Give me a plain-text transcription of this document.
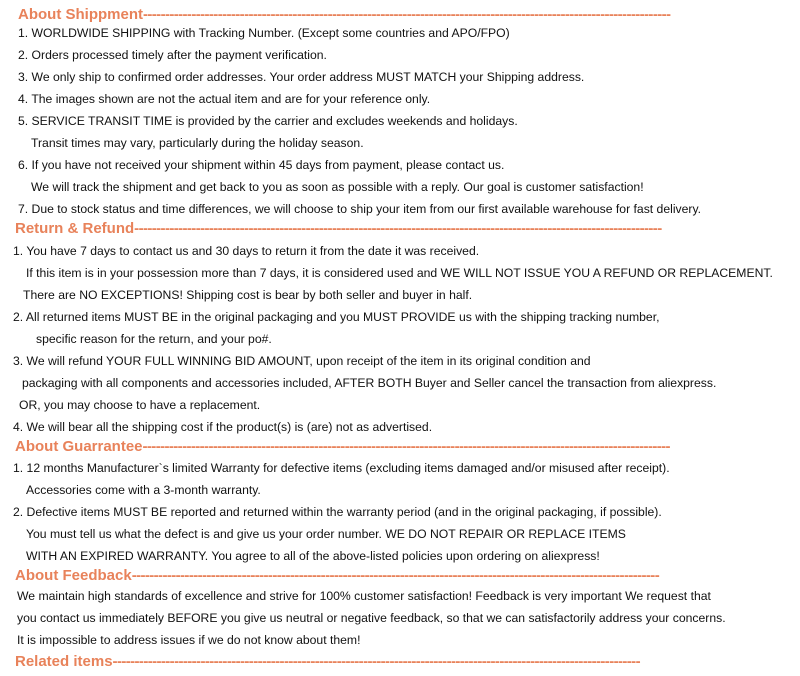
About Shippment------------------------------------------------------------------------------------------------------------------------
1. WORLDWIDE SHIPPING with Tracking Number. (Except some countries and APO/FPO)
2. Orders processed timely after the payment verification.
3. We only ship to confirmed order addresses. Your order address MUST MATCH your Shipping address.
4. The images shown are not the actual item and are for your reference only.
5. SERVICE TRANSIT TIME is provided by the carrier and excludes weekends and holidays.
Transit times may vary, particularly during the holiday season.
6. If you have not received your shipment within 45 days from payment, please contact us.
We will track the shipment and get back to you as soon as possible with a reply. Our goal is customer satisfaction!
7. Due to stock status and time differences, we will choose to ship your item from our first available warehouse for fast delivery.
Return & Refund------------------------------------------------------------------------------------------------------------------------
1. You have 7 days to contact us and 30 days to return it from the date it was received.
If this item is in your possession more than 7 days, it is considered used and WE WILL NOT ISSUE YOU A REFUND OR REPLACEMENT.
There are NO EXCEPTIONS! Shipping cost is bear by both seller and buyer in half.
2. All returned items MUST BE in the original packaging and you MUST PROVIDE us with the shipping tracking number,
specific reason for the return, and your po#.
3. We will refund YOUR FULL WINNING BID AMOUNT, upon receipt of the item in its original condition and
packaging with all components and accessories included, AFTER BOTH Buyer and Seller cancel the transaction from aliexpress.
OR, you may choose to have a replacement.
4. We will bear all the shipping cost if the product(s) is (are) not as advertised.
About Guarrantee------------------------------------------------------------------------------------------------------------------------
1. 12 months Manufacturer`s limited Warranty for defective items (excluding items damaged and/or misused after receipt).
Accessories come with a 3-month warranty.
2. Defective items MUST BE reported and returned within the warranty period (and in the original packaging, if possible).
You must tell us what the defect is and give us your order number. WE DO NOT REPAIR OR REPLACE ITEMS
WITH AN EXPIRED WARRANTY. You agree to all of the above-listed policies upon ordering on aliexpress!
About Feedback------------------------------------------------------------------------------------------------------------------------
We maintain high standards of excellence and strive for 100% customer satisfaction! Feedback is very important We request that
you contact us immediately BEFORE you give us neutral or negative feedback, so that we can satisfactorily address your concerns.
It is impossible to address issues if we do not know about them!
Related items------------------------------------------------------------------------------------------------------------------------
